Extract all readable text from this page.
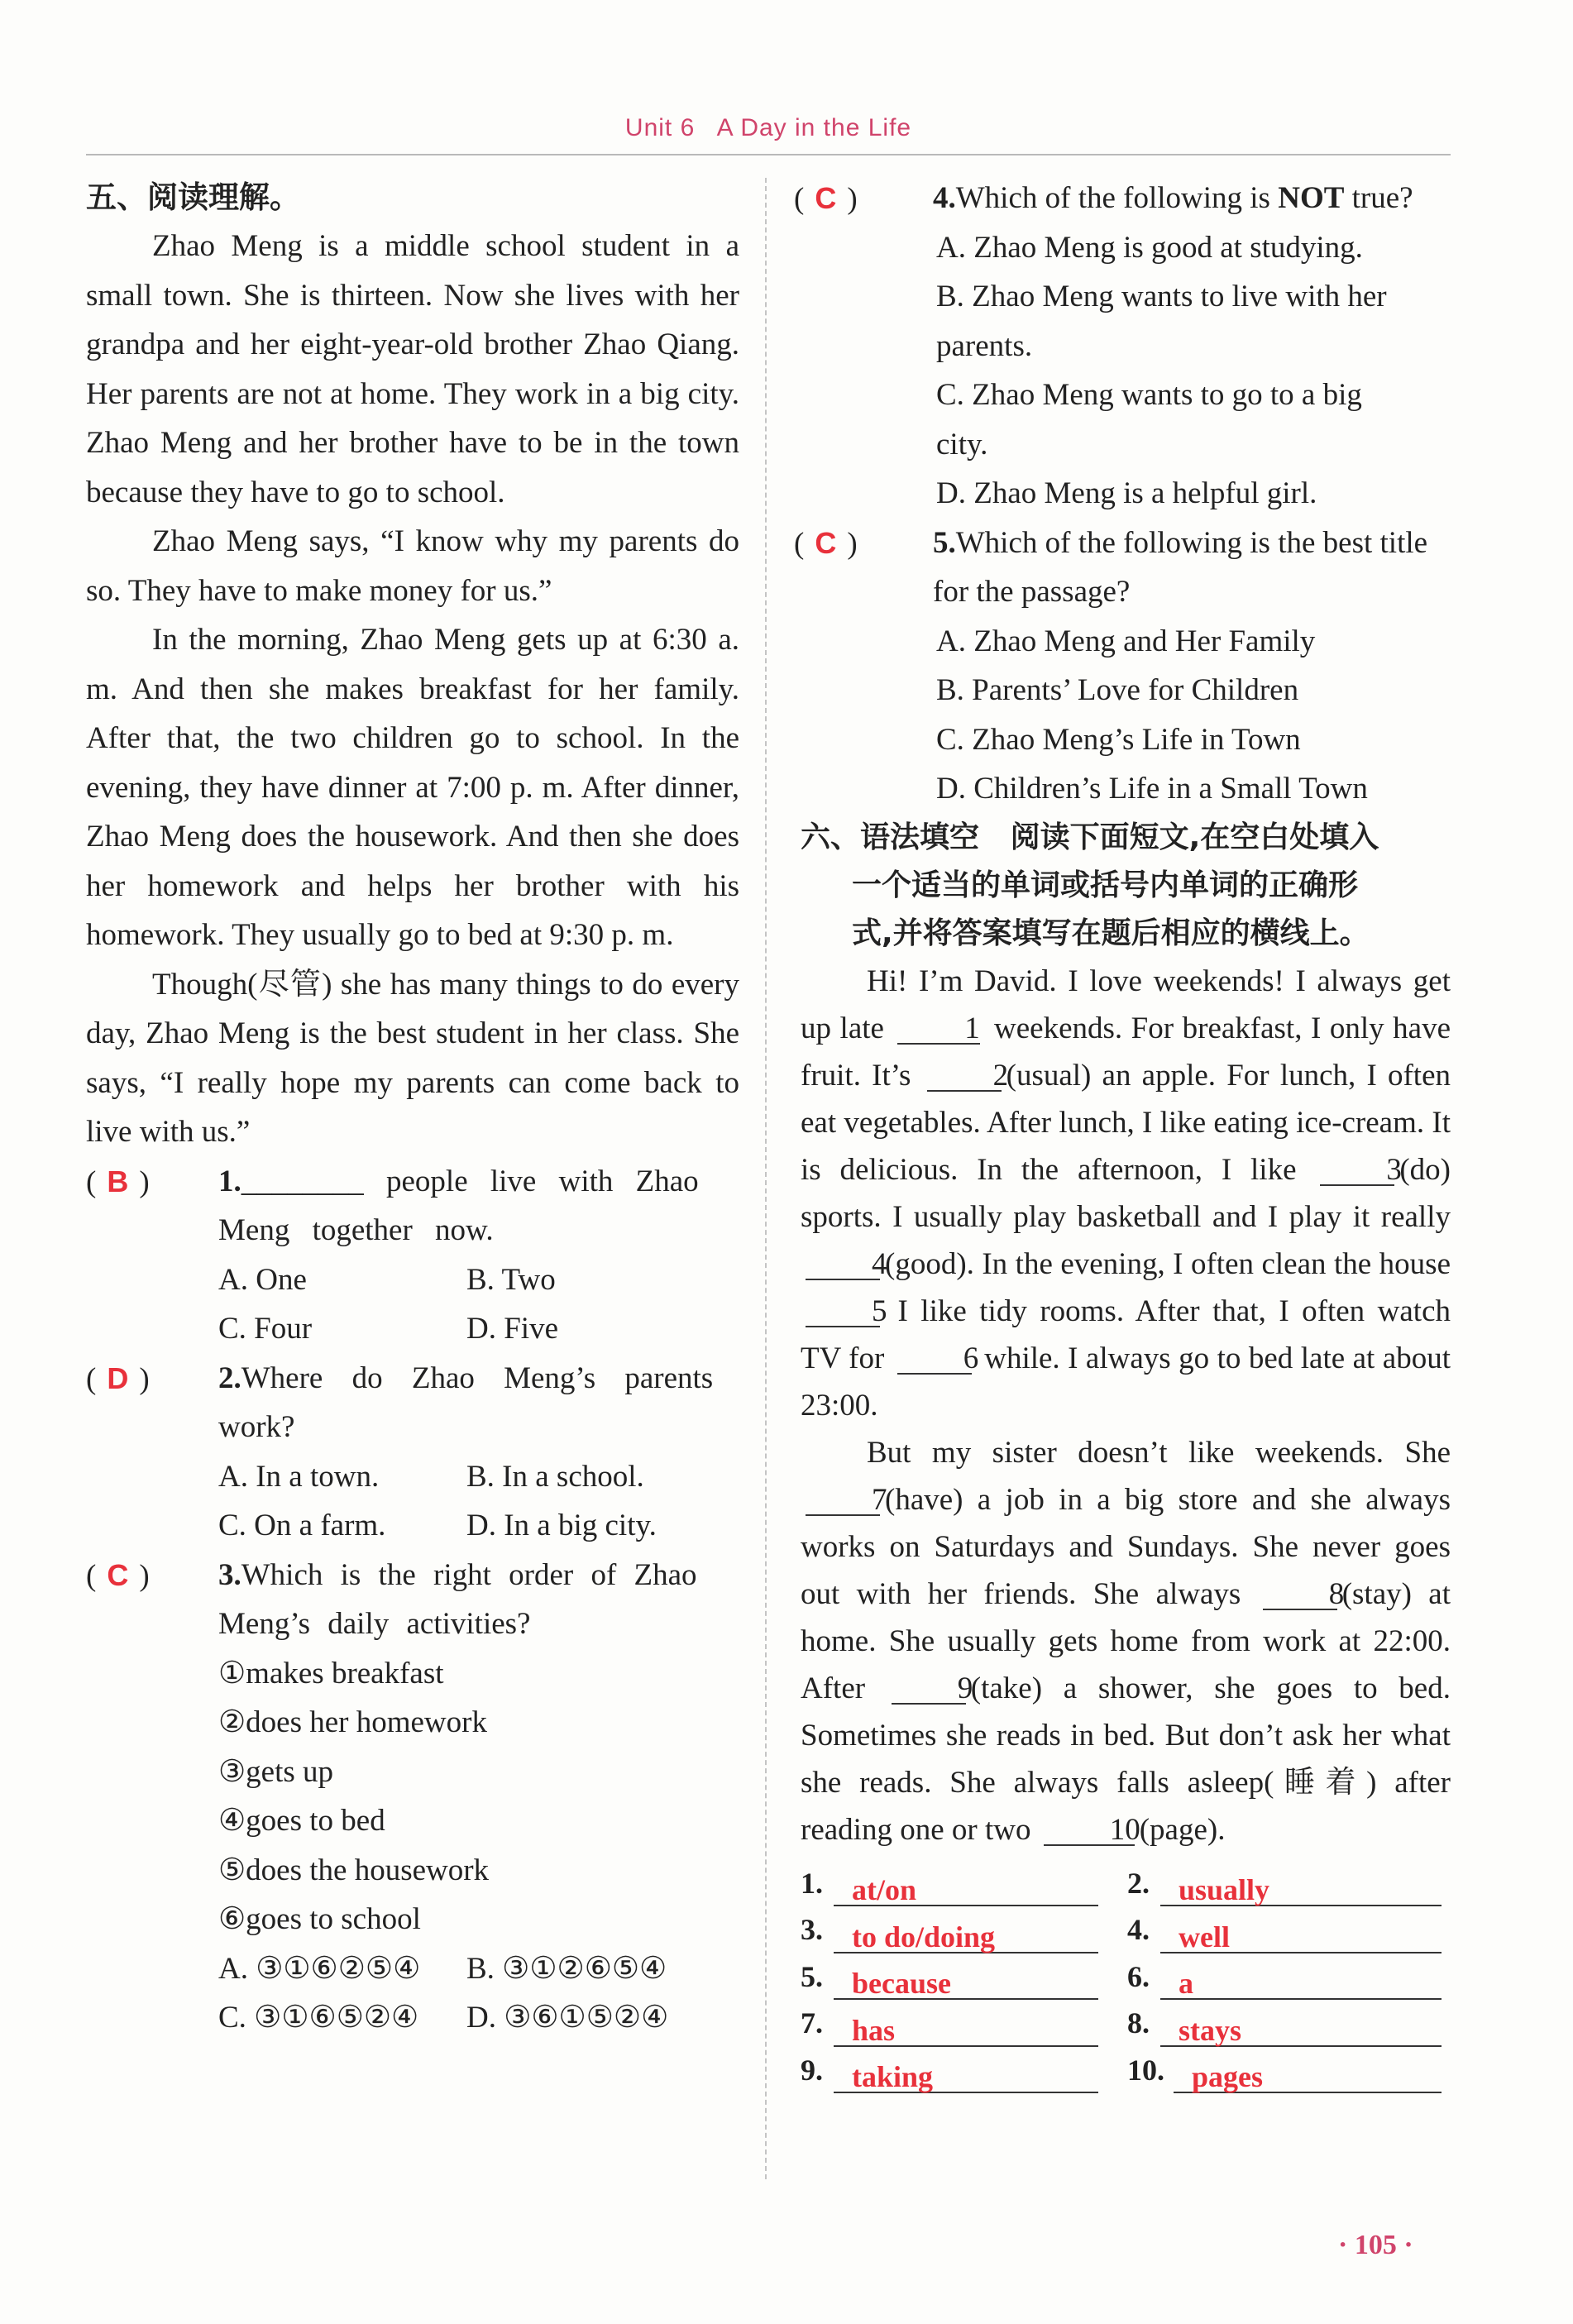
Unit 6   A Day in the Life
五、阅读理解。

Zhao Meng is a middle school student in a small town. She is thirteen. Now she lives with her grandpa and her eight-year-old brother Zhao Qiang. Her parents are not at home. They work in a big city. Zhao Meng and her brother have to be in the town because they have to go to school.

Zhao Meng says, “I know why my parents do so. They have to make money for us.”

In the morning, Zhao Meng gets up at 6:30 a. m. And then she makes breakfast for her family. After that, the two children go to school. In the evening, they have dinner at 7:00 p. m. After dinner, Zhao Meng does the housework. And then she does her homework and helps her brother with his homework. They usually go to bed at 9:30 p. m.

Though(尽管) she has many things to do every day, Zhao Meng is the best student in her class. She says, “I really hope my parents can come back to live with us.”

( B )	1.________ people live with Zhao Meng together now.
A. One	B. Two
C. Four	D. Five
( D )	2.Where do Zhao Meng’s parents work?
A. In a town.	B. In a school.
C. On a farm.	D. In a big city.
( C )	3.Which is the right order of Zhao Meng’s daily activities?
①makes breakfast
②does her homework
③gets up
④goes to bed
⑤does the housework
⑥goes to school
A. ③①⑥②⑤④	B. ③①②⑥⑤④
C. ③①⑥⑤②④	D. ③⑥①⑤②④
( C )	4.Which of the following is NOT true?
A. Zhao Meng is good at studying.
B. Zhao Meng wants to live with her parents.
C. Zhao Meng wants to go to a big city.
D. Zhao Meng is a helpful girl.
( C )	5.Which of the following is the best title for the passage?
A. Zhao Meng and Her Family
B. Parents’ Love for Children
C. Zhao Meng’s Life in Town
D. Children’s Life in a Small Town
六、语法填空 阅读下面短文,在空白处填入
一个适当的单词或括号内单词的正确形
式,并将答案填写在题后相应的横线上。

Hi! I’m David. I love weekends! I always get up late 1 weekends. For breakfast, I only have fruit. It’s 2(usual) an apple. For lunch, I often eat vegetables. After lunch, I like eating ice-cream. It is delicious. In the afternoon, I like 3(do) sports. I usually play basketball and I play it really 4(good). In the evening, I often clean the house 5 I like tidy rooms. After that, I often watch TV for 6 while. I always go to bed late at about 23:00.

But my sister doesn’t like weekends. She 7(have) a job in a big store and she always works on Saturdays and Sundays. She never goes out with her friends. She always 8(stay) at home. She usually gets home from work at 22:00. After 9(take) a shower, she goes to bed. Sometimes she reads in bed. But don’t ask her what she reads. She always falls asleep(睡着) after reading one or two 10(page).

1. at/on	2. usually
3. to do/doing	4. well
5. because	6. a
7. has	8. stays
9. taking	10. pages
· 105 ·
